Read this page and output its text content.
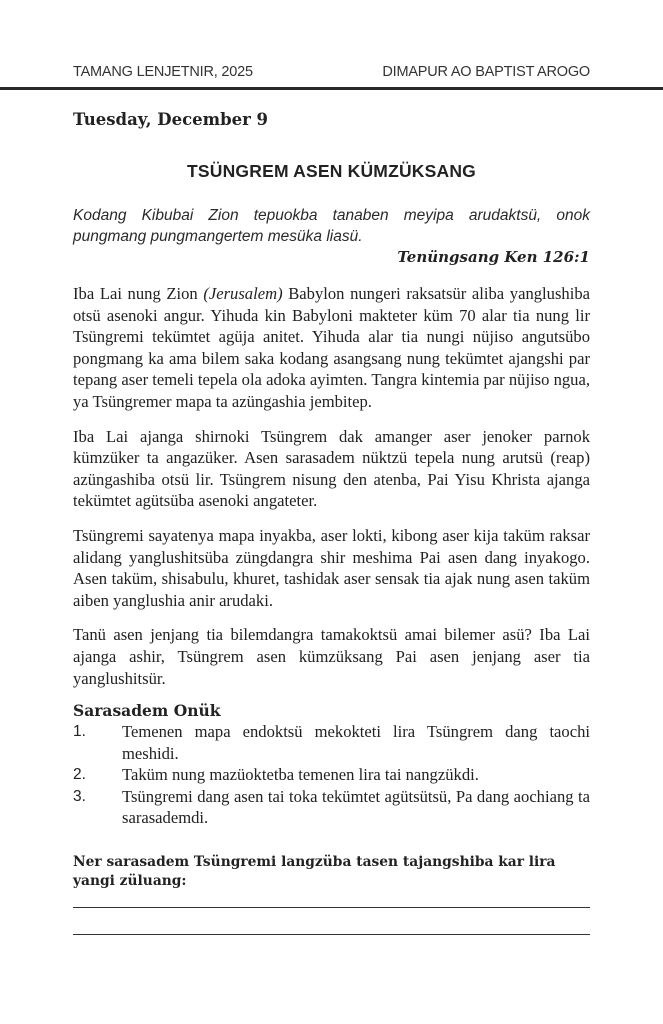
TAMANG LENJETNIR, 2025	DIMAPUR AO BAPTIST AROGO

Tuesday, December 9

TSÜNGREM ASEN KÜMZÜKSANG

Kodang Kibubai Zion tepuokba tanaben meyipa arudaktsü, onok pungmang pungmangertem mesüka liasü.

Tenüngsang Ken 126:1

Iba Lai nung Zion (Jerusalem) Babylon nungeri raksatsür aliba yanglushiba otsü asenoki angur. Yihuda kin Babyloni makteter küm 70 alar tia nung lir Tsüngremi tekümtet agüja anitet. Yihuda alar tia nungi nüjiso angutsübo pongmang ka ama bilem saka kodang asangsang nung tekümtet ajangshi par tepang aser temeli tepela ola adoka ayimten. Tangra kintemia par nüjiso ngua, ya Tsüngremer mapa ta azüngashia jembitep.

Iba Lai ajanga shirnoki Tsüngrem dak amanger aser jenoker parnok kümzüker ta angazüker. Asen sarasadem nüktzü tepela nung arutsü (reap) azüngashiba otsü lir. Tsüngrem nisung den atenba, Pai Yisu Khrista ajanga tekümtet agütsüba asenoki angateter.

Tsüngremi sayatenya mapa inyakba, aser lokti, kibong aser kija taküm raksar alidang yanglushitsüba züngdangra shir meshima Pai asen dang inyakogo. Asen taküm, shisabulu, khuret, tashidak aser sensak tia ajak nung asen taküm aiben yanglushia anir arudaki.

Tanü asen jenjang tia bilemdangra tamakoktsü amai bilemer asü? Iba Lai ajanga ashir, Tsüngrem asen kümzüksang Pai asen jenjang aser tia yanglushitsür.

Sarasadem Onük

1.	Temenen mapa endoktsü mekokteti lira Tsüngrem dang taochi meshidi.
2.	Taküm nung mazüoktetba temenen lira tai nangzükdi.
3.	Tsüngremi dang asen tai toka tekümtet agütsütsü, Pa dang aochiang ta sarasademdi.

Ner sarasadem Tsüngremi langzüba tasen tajangshiba kar lira yangi züluang:
